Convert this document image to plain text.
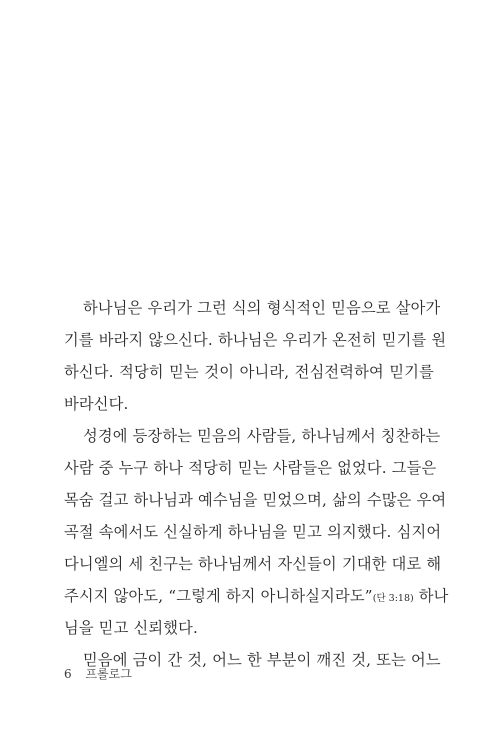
하나님은 우리가 그런 식의 형식적인 믿음으로 살아가
기를 바라지 않으신다. 하나님은 우리가 온전히 믿기를 원
하신다. 적당히 믿는 것이 아니라, 전심전력하여 믿기를
바라신다.
성경에 등장하는 믿음의 사람들, 하나님께서 칭찬하는
사람 중 누구 하나 적당히 믿는 사람들은 없었다. 그들은
목숨 걸고 하나님과 예수님을 믿었으며, 삶의 수많은 우여
곡절 속에서도 신실하게 하나님을 믿고 의지했다. 심지어
다니엘의 세 친구는 하나님께서 자신들이 기대한 대로 해
주시지 않아도, “그렇게 하지 아니하실지라도”(단 3:18) 하나
님을 믿고 신뢰했다.
믿음에 금이 간 것, 어느 한 부분이 깨진 것, 또는 어느
6 프롤로그
